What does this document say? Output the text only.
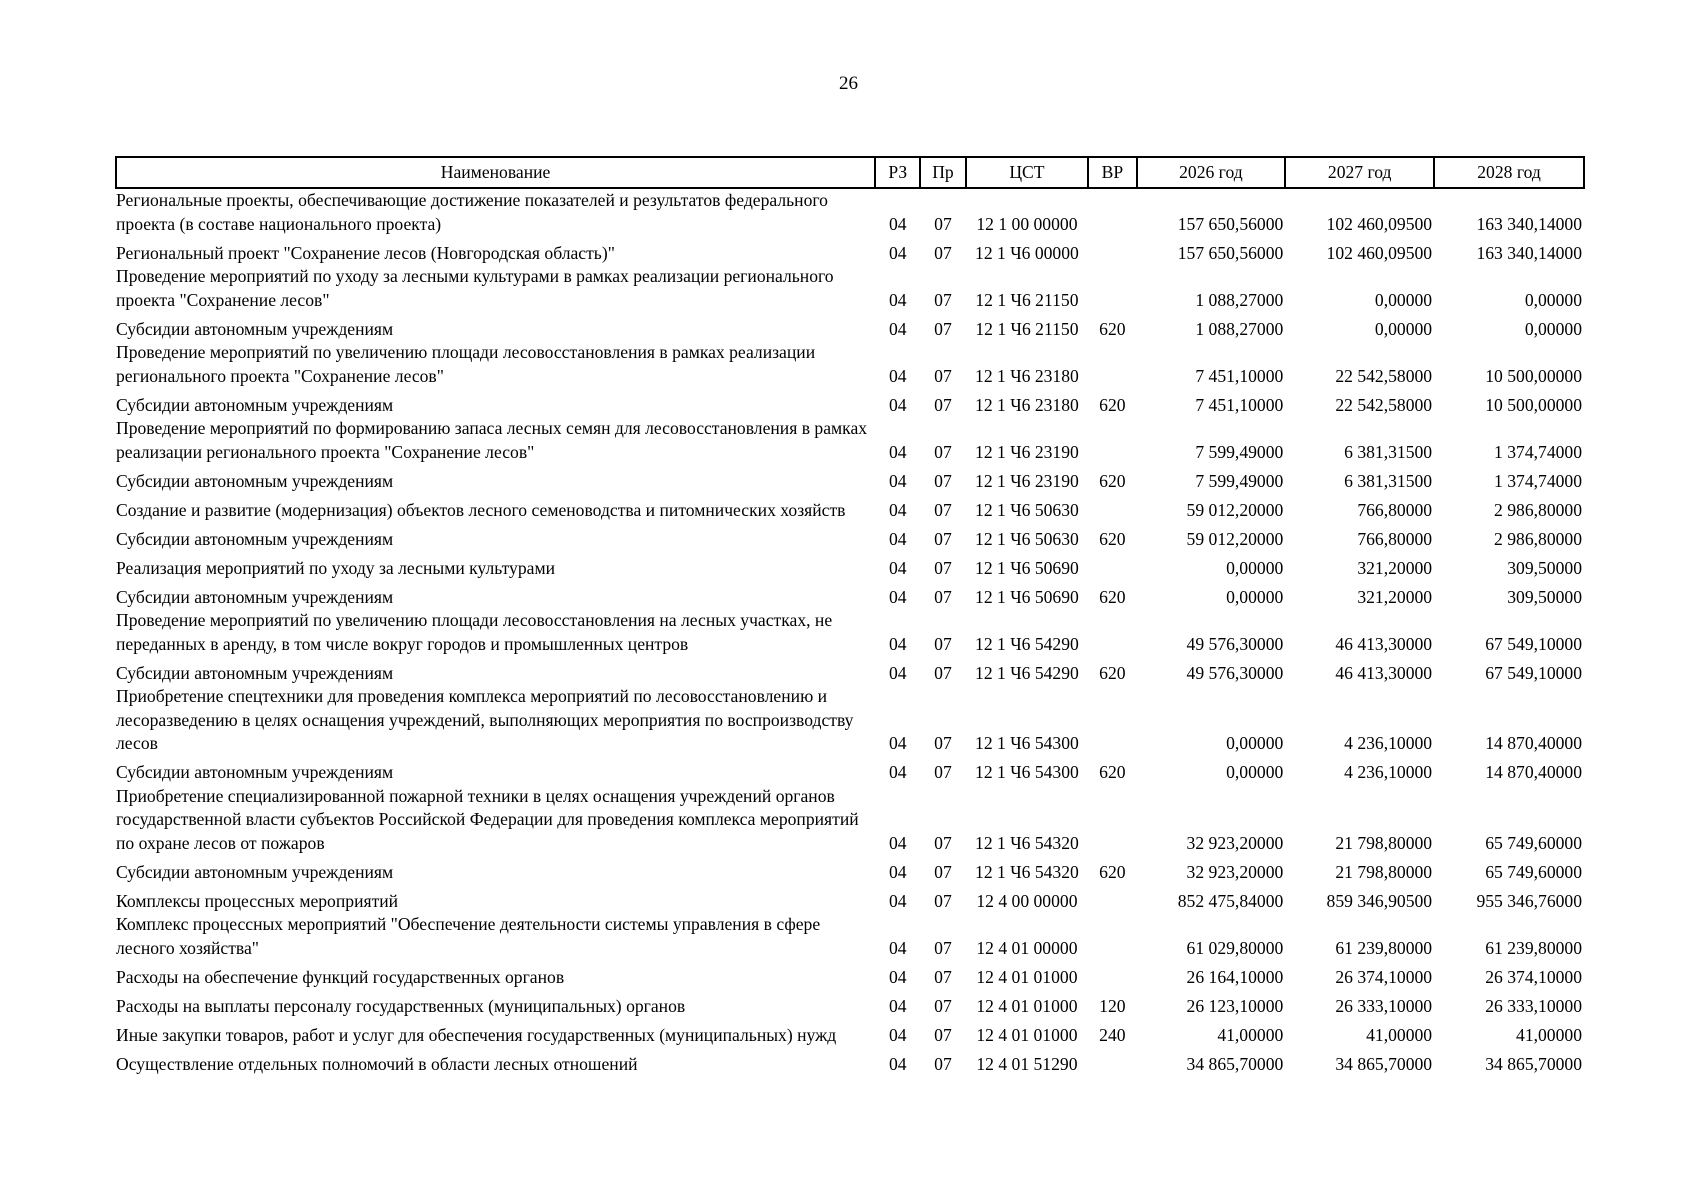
26
Наименование	РЗ	Пр	ЦСТ	ВР	2026 год	2027 год	2028 год
Региональные проекты, обеспечивающие достижение показателей и результатов федерального проекта (в составе национального проекта)	04	07	12 1 00 00000		157 650,56000	102 460,09500	163 340,14000
Региональный проект "Сохранение лесов (Новгородская область)"	04	07	12 1 Ч6 00000		157 650,56000	102 460,09500	163 340,14000
Проведение мероприятий по уходу за лесными культурами в рамках реализации регионального проекта "Сохранение лесов"	04	07	12 1 Ч6 21150		1 088,27000	0,00000	0,00000
Субсидии автономным учреждениям	04	07	12 1 Ч6 21150	620	1 088,27000	0,00000	0,00000
Проведение мероприятий по увеличению площади лесовосстановления в рамках реализации регионального проекта "Сохранение лесов"	04	07	12 1 Ч6 23180		7 451,10000	22 542,58000	10 500,00000
Субсидии автономным учреждениям	04	07	12 1 Ч6 23180	620	7 451,10000	22 542,58000	10 500,00000
Проведение мероприятий по формированию запаса лесных семян для лесовосстановления в рамках реализации регионального проекта "Сохранение лесов"	04	07	12 1 Ч6 23190		7 599,49000	6 381,31500	1 374,74000
Субсидии автономным учреждениям	04	07	12 1 Ч6 23190	620	7 599,49000	6 381,31500	1 374,74000
Создание и развитие (модернизация) объектов лесного семеноводства и питомнических хозяйств	04	07	12 1 Ч6 50630		59 012,20000	766,80000	2 986,80000
Субсидии автономным учреждениям	04	07	12 1 Ч6 50630	620	59 012,20000	766,80000	2 986,80000
Реализация мероприятий по уходу за лесными культурами	04	07	12 1 Ч6 50690		0,00000	321,20000	309,50000
Субсидии автономным учреждениям	04	07	12 1 Ч6 50690	620	0,00000	321,20000	309,50000
Проведение мероприятий по увеличению площади лесовосстановления на лесных участках, не переданных в аренду, в том числе вокруг городов и промышленных центров	04	07	12 1 Ч6 54290		49 576,30000	46 413,30000	67 549,10000
Субсидии автономным учреждениям	04	07	12 1 Ч6 54290	620	49 576,30000	46 413,30000	67 549,10000
Приобретение спецтехники для проведения комплекса мероприятий по лесовосстановлению и лесоразведению в целях оснащения учреждений, выполняющих мероприятия по воспроизводству лесов	04	07	12 1 Ч6 54300		0,00000	4 236,10000	14 870,40000
Субсидии автономным учреждениям	04	07	12 1 Ч6 54300	620	0,00000	4 236,10000	14 870,40000
Приобретение специализированной пожарной техники в целях оснащения учреждений органов государственной власти субъектов Российской Федерации для проведения комплекса мероприятий по охране лесов от пожаров	04	07	12 1 Ч6 54320		32 923,20000	21 798,80000	65 749,60000
Субсидии автономным учреждениям	04	07	12 1 Ч6 54320	620	32 923,20000	21 798,80000	65 749,60000
Комплексы процессных мероприятий	04	07	12 4 00 00000		852 475,84000	859 346,90500	955 346,76000
Комплекс процессных мероприятий "Обеспечение деятельности системы управления в сфере лесного хозяйства"	04	07	12 4 01 00000		61 029,80000	61 239,80000	61 239,80000
Расходы на обеспечение функций государственных органов	04	07	12 4 01 01000		26 164,10000	26 374,10000	26 374,10000
Расходы на выплаты персоналу государственных (муниципальных) органов	04	07	12 4 01 01000	120	26 123,10000	26 333,10000	26 333,10000
Иные закупки товаров, работ и услуг для обеспечения государственных (муниципальных) нужд	04	07	12 4 01 01000	240	41,00000	41,00000	41,00000
Осуществление отдельных полномочий в области лесных отношений	04	07	12 4 01 51290		34 865,70000	34 865,70000	34 865,70000
